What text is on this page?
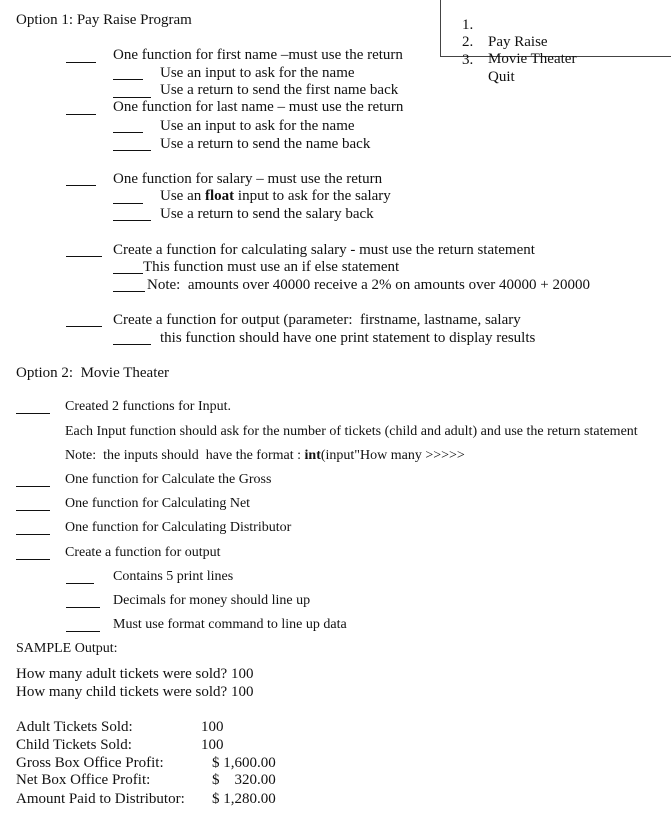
1.

Pay Raise

2.

Movie Theater

3.

Quit

Option 1: Pay Raise Program
One function for first name –must use the return
Use an input to ask for the name
Use a return to send the first name back
One function for last name – must use the return
Use an input to ask for the name
Use a return to send the name back
One function for salary – must use the return
Use an float input to ask for the salary
Use a return to send the salary back
Create a function for calculating salary - must use the return statement
This function must use an if else statement
Note:  amounts over 40000 receive a 2% on amounts over 40000 + 20000
Create a function for output (parameter:  firstname, lastname, salary
this function should have one print statement to display results
Option 2:  Movie Theater
Created 2 functions for Input.
Each Input function should ask for the number of tickets (child and adult) and use the return statement
Note:  the inputs should  have the format : int(input"How many >>>>>
One function for Calculate the Gross
One function for Calculating Net
One function for Calculating Distributor
Create a function for output
Contains 5 print lines
Decimals for money should line up
Must use format command to line up data
SAMPLE Output:
How many adult tickets were sold? 100
How many child tickets were sold? 100
Adult Tickets Sold:	100
Child Tickets Sold:	100
Gross Box Office Profit:	$ 1,600.00
Net Box Office Profit:	$    320.00
Amount Paid to Distributor: $ 1,280.00
